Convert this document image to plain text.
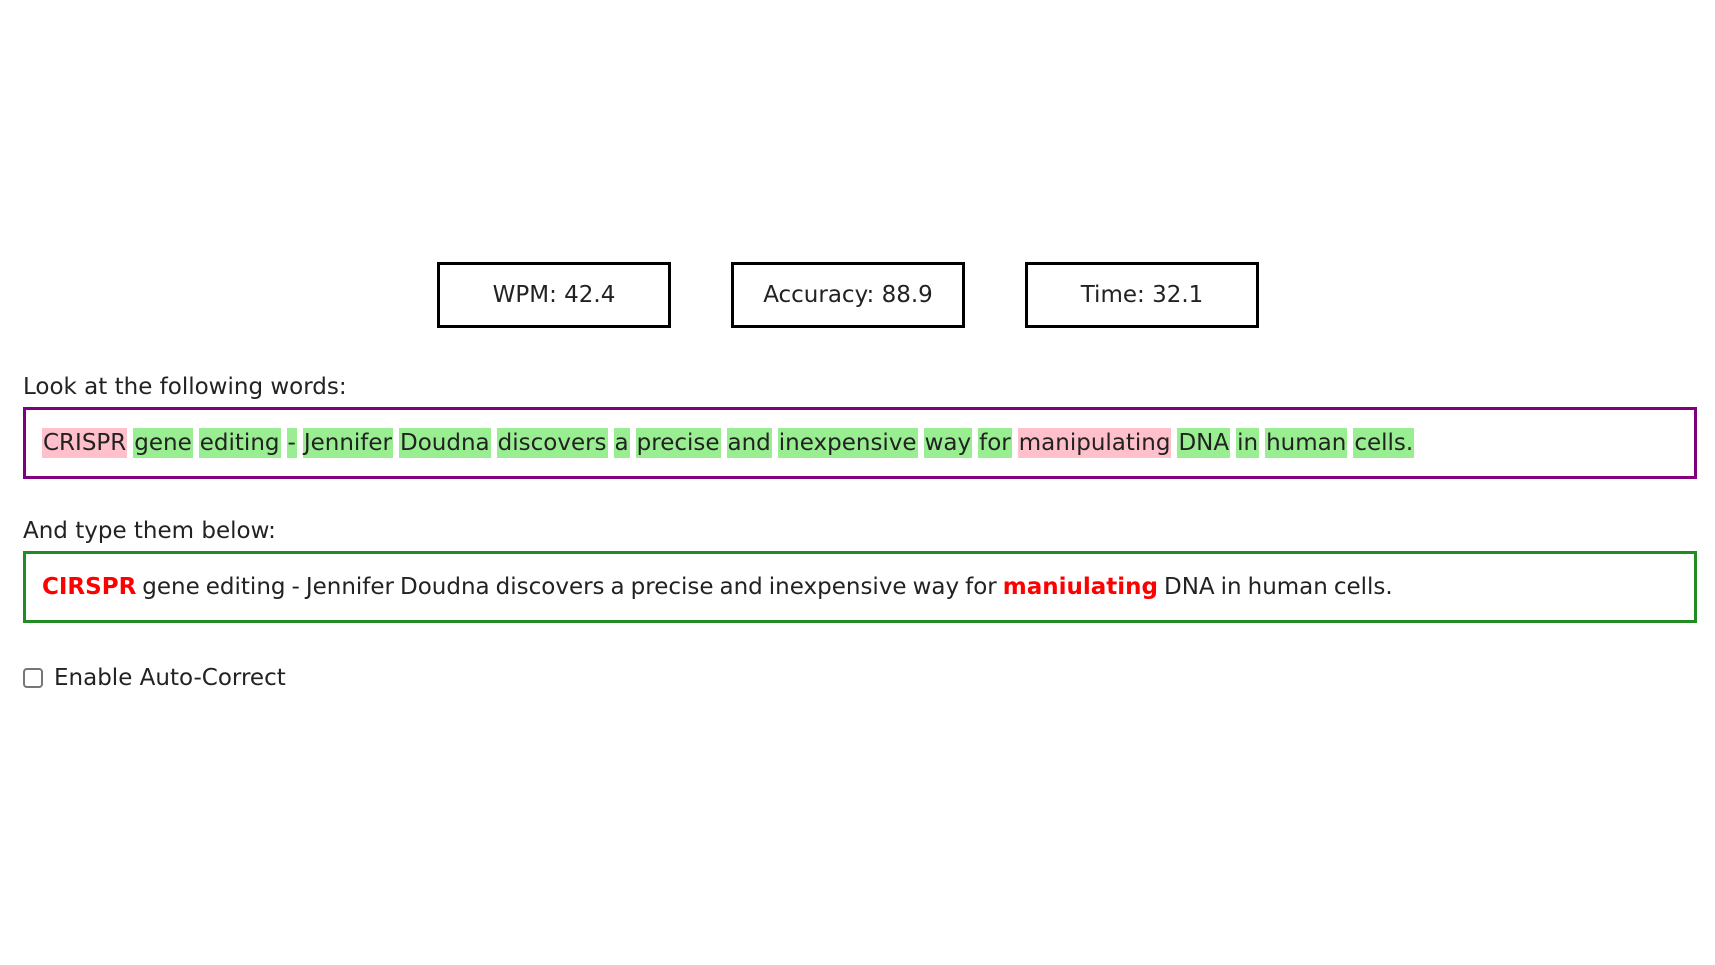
WPM: 42.4	Accuracy: 88.9	Time: 32.1
Look at the following words:
CRISPR gene editing - Jennifer Doudna discovers a precise and inexpensive way for manipulating DNA in human cells.
And type them below:
CIRSPR gene editing - Jennifer Doudna discovers a precise and inexpensive way for maniulating DNA in human cells.
Enable Auto-Correct
